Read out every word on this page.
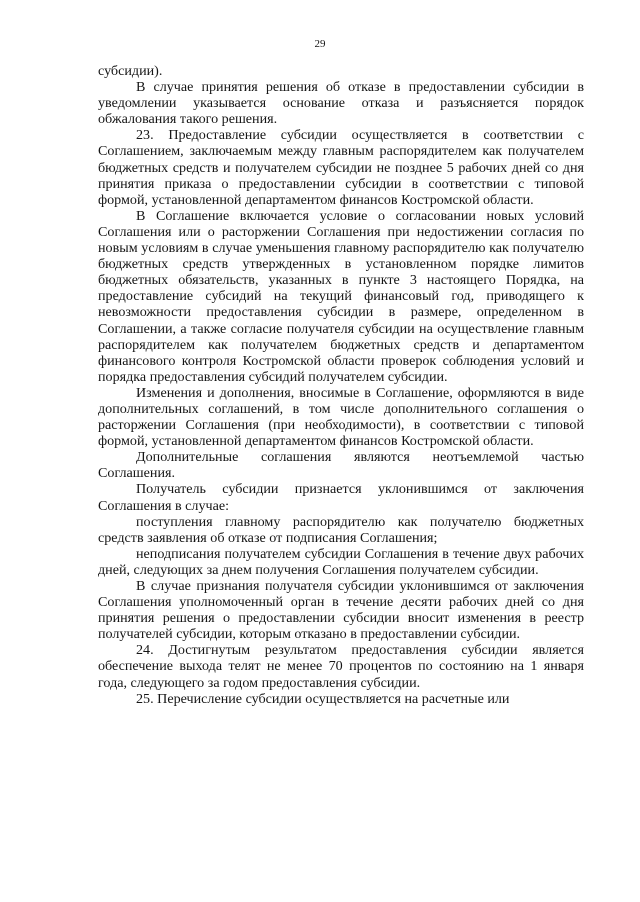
29

субсидии).

В случае принятия решения об отказе в предоставлении субсидии в уведомлении указывается основание отказа и разъясняется порядок обжалования такого решения.

23. Предоставление субсидии осуществляется в соответствии с Соглашением, заключаемым между главным распорядителем как получателем бюджетных средств и получателем субсидии не позднее 5 рабочих дней со дня принятия приказа о предоставлении субсидии в соответствии с типовой формой, установленной департаментом финансов Костромской области.

В Соглашение включается условие о согласовании новых условий Соглашения или о расторжении Соглашения при недостижении согласия по новым условиям в случае уменьшения главному распорядителю как получателю бюджетных средств утвержденных в установленном порядке лимитов бюджетных обязательств, указанных в пункте 3 настоящего Порядка, на предоставление субсидий на текущий финансовый год, приводящего к невозможности предоставления субсидии в размере, определенном в Соглашении, а также согласие получателя субсидии на осуществление главным распорядителем как получателем бюджетных средств и департаментом финансового контроля Костромской области проверок соблюдения условий и порядка предоставления субсидий получателем субсидии.

Изменения и дополнения, вносимые в Соглашение, оформляются в виде дополнительных соглашений, в том числе дополнительного соглашения о расторжении Соглашения (при необходимости), в соответствии с типовой формой, установленной департаментом финансов Костромской области.

Дополнительные соглашения являются неотъемлемой частью Соглашения.

Получатель субсидии признается уклонившимся от заключения Соглашения в случае:

поступления главному распорядителю как получателю бюджетных средств заявления об отказе от подписания Соглашения;

неподписания получателем субсидии Соглашения в течение двух рабочих дней, следующих за днем получения Соглашения получателем субсидии.

В случае признания получателя субсидии уклонившимся от заключения Соглашения уполномоченный орган в течение десяти рабочих дней со дня принятия решения о предоставлении субсидии вносит изменения в реестр получателей субсидии, которым отказано в предоставлении субсидии.

24. Достигнутым результатом предоставления субсидии является обеспечение выхода телят не менее 70 процентов по состоянию на 1 января года, следующего за годом предоставления субсидии.

25. Перечисление субсидии осуществляется на расчетные или
